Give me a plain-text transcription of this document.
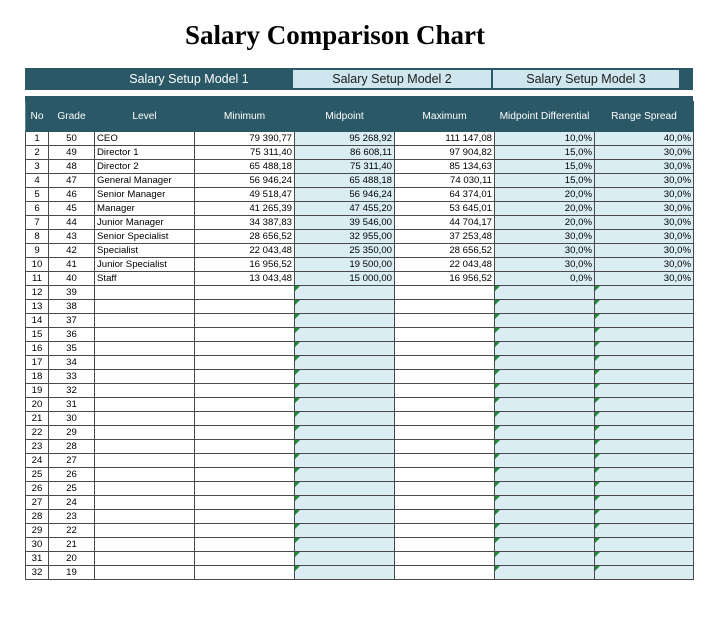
Salary Comparison Chart
Salary Setup Model 1	Salary Setup Model 2	Salary Setup Model 3
No	Grade	Level	Minimum	Midpoint	Maximum	Midpoint Differential	Range Spread
1	50	CEO	79 390,77	95 268,92	111 147,08	10,0%	40,0%
2	49	Director 1	75 311,40	86 608,11	97 904,82	15,0%	30,0%
3	48	Director 2	65 488,18	75 311,40	85 134,63	15,0%	30,0%
4	47	General Manager	56 946,24	65 488,18	74 030,11	15,0%	30,0%
5	46	Senior Manager	49 518,47	56 946,24	64 374,01	20,0%	30,0%
6	45	Manager	41 265,39	47 455,20	53 645,01	20,0%	30,0%
7	44	Junior Manager	34 387,83	39 546,00	44 704,17	20,0%	30,0%
8	43	Senior Specialist	28 656,52	32 955,00	37 253,48	30,0%	30,0%
9	42	Specialist	22 043,48	25 350,00	28 656,52	30,0%	30,0%
10	41	Junior Specialist	16 956,52	19 500,00	22 043,48	30,0%	30,0%
11	40	Staff	13 043,48	15 000,00	16 956,52	0,0%	30,0%
12	39						
13	38						
14	37						
15	36						
16	35						
17	34						
18	33						
19	32						
20	31						
21	30						
22	29						
23	28						
24	27						
25	26						
26	25						
27	24						
28	23						
29	22						
30	21						
31	20						
32	19						
